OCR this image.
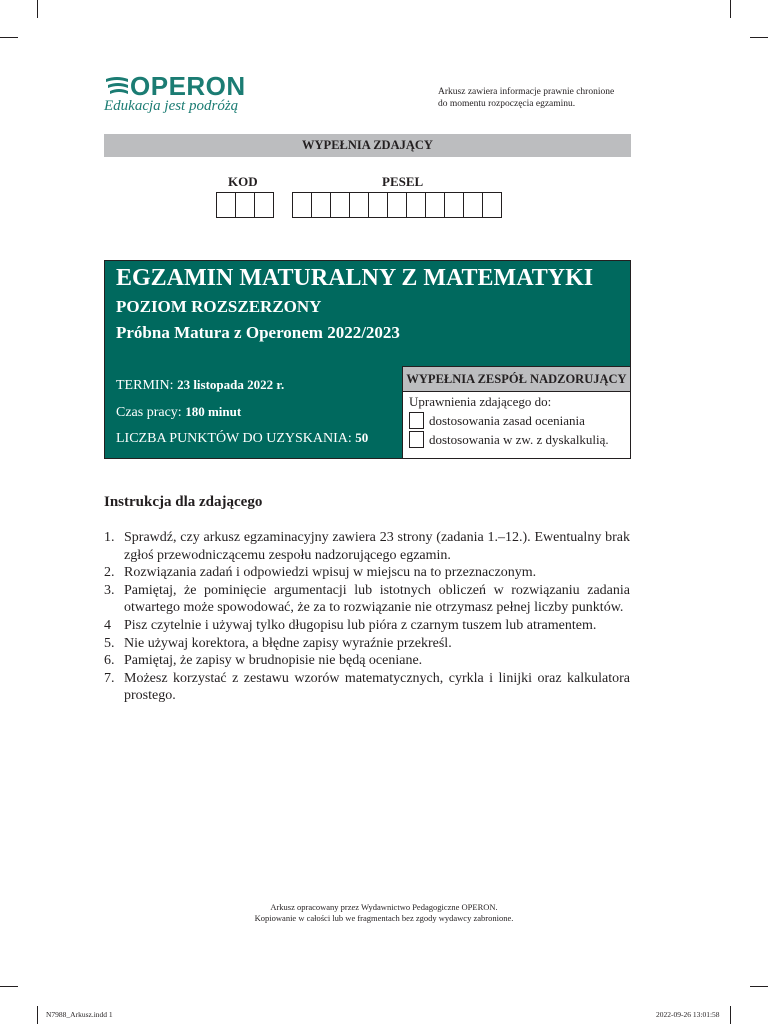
OPERON
Edukacja jest podróżą
Arkusz zawiera informacje prawnie chronione
do momentu rozpoczęcia egzaminu.
WYPEŁNIA ZDAJĄCY
KOD	PESEL
EGZAMIN MATURALNY Z MATEMATYKI
POZIOM ROZSZERZONY
Próbna Matura z Operonem 2022/2023
TERMIN: 23 listopada 2022 r.
Czas pracy: 180 minut
LICZBA PUNKTÓW DO UZYSKANIA: 50
WYPEŁNIA ZESPÓŁ NADZORUJĄCY
Uprawnienia zdającego do:
dostosowania zasad oceniania
dostosowania w zw. z dyskalkulią.
Instrukcja dla zdającego
1. Sprawdź, czy arkusz egzaminacyjny zawiera 23 strony (zadania 1.–12.). Ewentualny brak zgłoś przewodniczącemu zespołu nadzorującego egzamin.
2. Rozwiązania zadań i odpowiedzi wpisuj w miejscu na to przeznaczonym.
3. Pamiętaj, że pominięcie argumentacji lub istotnych obliczeń w rozwiązaniu zadania otwartego może spowodować, że za to rozwiązanie nie otrzymasz pełnej liczby punktów.
4 Pisz czytelnie i używaj tylko długopisu lub pióra z czarnym tuszem lub atramentem.
5. Nie używaj korektora, a błędne zapisy wyraźnie przekreśl.
6. Pamiętaj, że zapisy w brudnopisie nie będą oceniane.
7. Możesz korzystać z zestawu wzorów matematycznych, cyrkla i linijki oraz kalkulatora prostego.
Arkusz opracowany przez Wydawnictwo Pedagogiczne OPERON.
Kopiowanie w całości lub we fragmentach bez zgody wydawcy zabronione.
N7988_Arkusz.indd 1	2022-09-26 13:01:58
